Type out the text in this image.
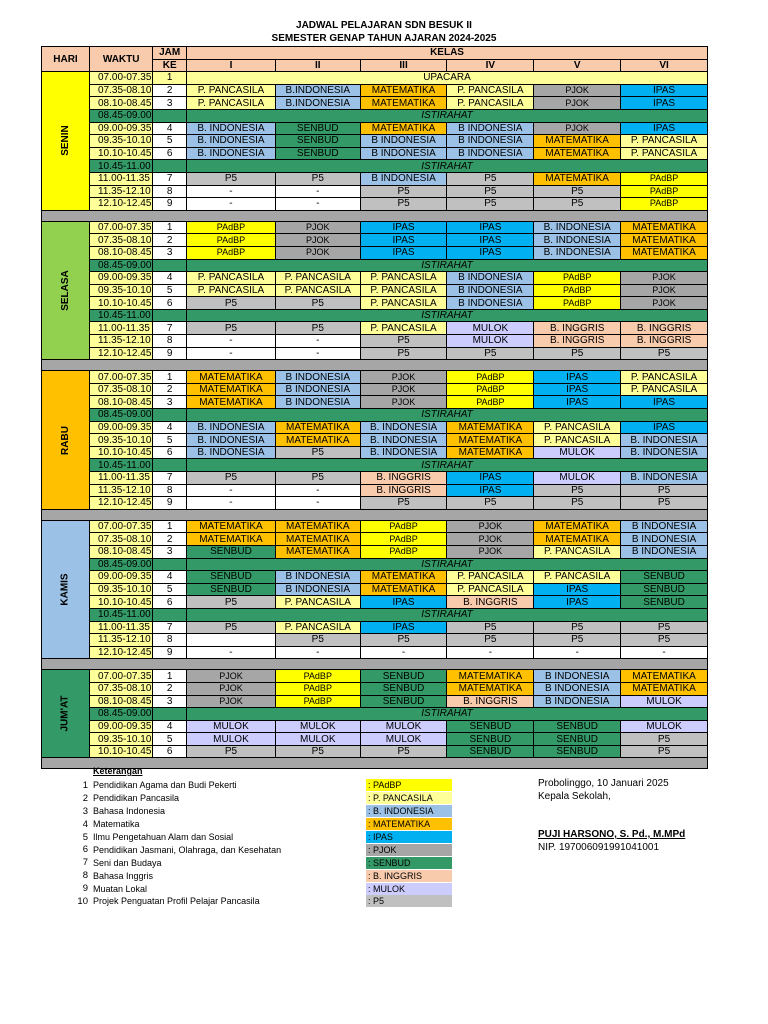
JADWAL PELAJARAN SDN BESUK II
SEMESTER GENAP TAHUN AJARAN 2024-2025
HARI	WAKTU	JAM	KELAS					
		KE	I	II	III	IV	V	VI
SENIN	07.00-07.35	1	UPACARA					
	07.35-08.10	2	P. PANCASILA	B.INDONESIA	MATEMATIKA	P. PANCASILA	PJOK	IPAS
	08.10-08.45	3	P. PANCASILA	B.INDONESIA	MATEMATIKA	P. PANCASILA	PJOK	IPAS
	08.45-09.00		ISTIRAHAT					
	09.00-09.35	4	B. INDONESIA	SENBUD	MATEMATIKA	B INDONESIA	PJOK	IPAS
	09.35-10.10	5	B. INDONESIA	SENBUD	B INDONESIA	B INDONESIA	MATEMATIKA	P. PANCASILA
	10.10-10.45	6	B. INDONESIA	SENBUD	B INDONESIA	B INDONESIA	MATEMATIKA	P. PANCASILA
	10.45-11.00		ISTIRAHAT					
	11.00-11.35	7	P5	P5	B INDONESIA	P5	MATEMATIKA	PAdBP
	11.35-12.10	8	-	-	P5	P5	P5	PAdBP
	12.10-12.45	9	-	-	P5	P5	P5	PAdBP

SELASA	07.00-07.35	1	PAdBP	PJOK	IPAS	IPAS	B. INDONESIA	MATEMATIKA
	07.35-08.10	2	PAdBP	PJOK	IPAS	IPAS	B. INDONESIA	MATEMATIKA
	08.10-08.45	3	PAdBP	PJOK	IPAS	IPAS	B. INDONESIA	MATEMATIKA
	08.45-09.00		ISTIRAHAT					
	09.00-09.35	4	P. PANCASILA	P. PANCASILA	P. PANCASILA	B INDONESIA	PAdBP	PJOK
	09.35-10.10	5	P. PANCASILA	P. PANCASILA	P. PANCASILA	B INDONESIA	PAdBP	PJOK
	10.10-10.45	6	P5	P5	P. PANCASILA	B INDONESIA	PAdBP	PJOK
	10.45-11.00		ISTIRAHAT					
	11.00-11.35	7	P5	P5	P. PANCASILA	MULOK	B. INGGRIS	B. INGGRIS
	11.35-12.10	8	-	-	P5	MULOK	B. INGGRIS	B. INGGRIS
	12.10-12.45	9	-	-	P5	P5	P5	P5

RABU	07.00-07.35	1	MATEMATIKA	B INDONESIA	PJOK	PAdBP	IPAS	P. PANCASILA
	07.35-08.10	2	MATEMATIKA	B INDONESIA	PJOK	PAdBP	IPAS	P. PANCASILA
	08.10-08.45	3	MATEMATIKA	B INDONESIA	PJOK	PAdBP	IPAS	IPAS
	08.45-09.00		ISTIRAHAT					
	09.00-09.35	4	B. INDONESIA	MATEMATIKA	B. INDONESIA	MATEMATIKA	P. PANCASILA	IPAS
	09.35-10.10	5	B. INDONESIA	MATEMATIKA	B. INDONESIA	MATEMATIKA	P. PANCASILA	B. INDONESIA
	10.10-10.45	6	B. INDONESIA	P5	B. INDONESIA	MATEMATIKA	MULOK	B. INDONESIA
	10.45-11.00		ISTIRAHAT					
	11.00-11.35	7	P5	P5	B. INGGRIS	IPAS	MULOK	B. INDONESIA
	11.35-12.10	8	-	-	B. INGGRIS	IPAS	P5	P5
	12.10-12.45	9	-	-	P5	P5	P5	P5

KAMIS	07.00-07.35	1	MATEMATIKA	MATEMATIKA	PAdBP	PJOK	MATEMATIKA	B INDONESIA
	07.35-08.10	2	MATEMATIKA	MATEMATIKA	PAdBP	PJOK	MATEMATIKA	B INDONESIA
	08.10-08.45	3	SENBUD	MATEMATIKA	PAdBP	PJOK	P. PANCASILA	B INDONESIA
	08.45-09.00		ISTIRAHAT					
	09.00-09.35	4	SENBUD	B INDONESIA	MATEMATIKA	P. PANCASILA	P. PANCASILA	SENBUD
	09.35-10.10	5	SENBUD	B INDONESIA	MATEMATIKA	P. PANCASILA	IPAS	SENBUD
	10.10-10.45	6	P5	P. PANCASILA	IPAS	B. INGGRIS	IPAS	SENBUD
	10.45-11.00		ISTIRAHAT					
	11.00-11.35	7	P5	P. PANCASILA	IPAS	P5	P5	P5
	11.35-12.10	8		P5	P5	P5	P5	P5
	12.10-12.45	9	-	-	-	-	-	-

JUM'AT	07.00-07.35	1	PJOK	PAdBP	SENBUD	MATEMATIKA	B INDONESIA	MATEMATIKA
	07.35-08.10	2	PJOK	PAdBP	SENBUD	MATEMATIKA	B INDONESIA	MATEMATIKA
	08.10-08.45	3	PJOK	PAdBP	SENBUD	B. INGGRIS	B INDONESIA	MULOK
	08.45-09.00		ISTIRAHAT					
	09.00-09.35	4	MULOK	MULOK	MULOK	SENBUD	SENBUD	MULOK
	09.35-10.10	5	MULOK	MULOK	MULOK	SENBUD	SENBUD	P5
	10.10-10.45	6	P5	P5	P5	SENBUD	SENBUD	P5

Keterangan
1 Pendidikan Agama dan Budi Pekerti	: PAdBP
2 Pendidikan Pancasila	: P. PANCASILA
3 Bahasa Indonesia	: B. INDONESIA
4 Matematika	: MATEMATIKA
5 Ilmu Pengetahuan Alam dan Sosial	: IPAS
6 Pendidikan Jasmani, Olahraga, dan Kesehatan	: PJOK
7 Seni dan Budaya	: SENBUD
8 Bahasa Inggris	: B. INGGRIS
9 Muatan Lokal	: MULOK
10 Projek Penguatan Profil Pelajar Pancasila	: P5
Probolinggo, 10 Januari 2025
Kepala Sekolah,
PUJI HARSONO, S. Pd., M.MPd
NIP. 197006091991041001
